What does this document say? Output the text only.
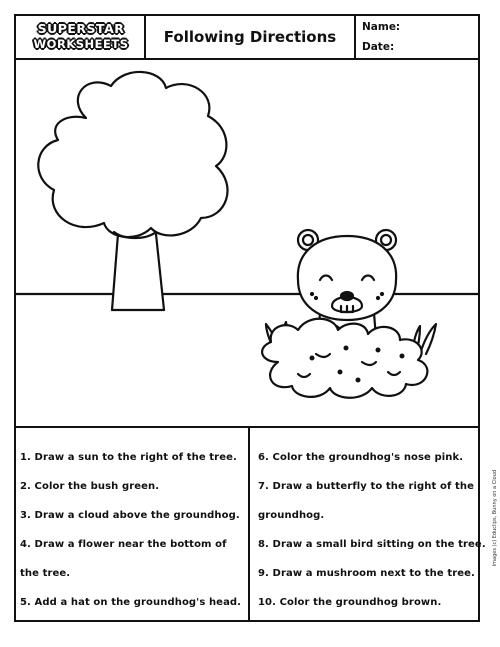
SUPERSTAR
WORKSHEETS	Following Directions
Name:
Date:
1. Draw a sun to the right of the tree.
2. Color the bush green.
3. Draw a cloud above the groundhog.
4. Draw a flower near the bottom of
the tree.
5. Add a hat on the groundhog's head.
6. Color the groundhog's nose pink.
7. Draw a butterfly to the right of the
groundhog.
8. Draw a small bird sitting on the tree.
9. Draw a mushroom next to the tree.
10. Color the groundhog brown.
Images (c) Educlips, Bunny on a Cloud
